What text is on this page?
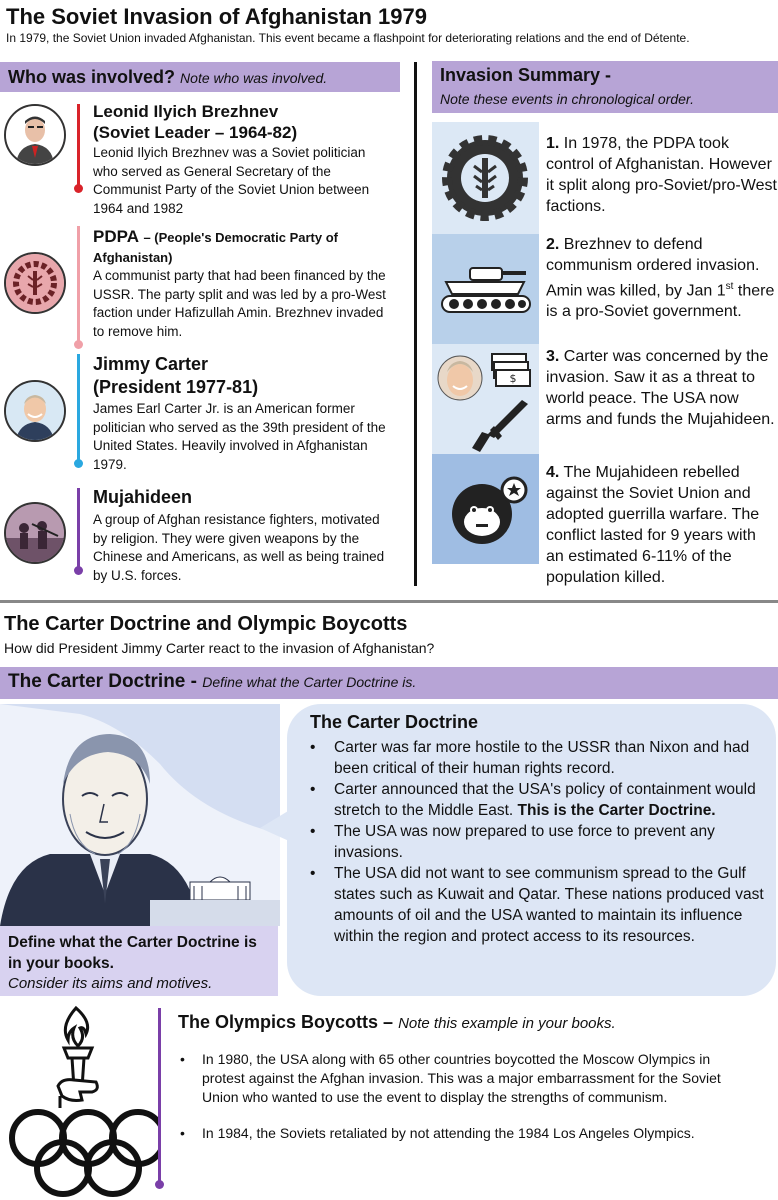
The Soviet Invasion of Afghanistan 1979
In 1979, the Soviet Union invaded Afghanistan. This event became a flashpoint for deteriorating relations and the end of Détente.
Who was involved? Note who was involved.	Invasion Summary -
Note these events in chronological order.
Leonid Ilyich Brezhnev
(Soviet Leader – 1964-82)
Leonid Ilyich Brezhnev was a Soviet politician who served as General Secretary of the Communist Party of the Soviet Union between 1964 and 1982
PDPA – (People's Democratic Party of Afghanistan)
A communist party that had been financed by the USSR. The party split and was led by a pro-West faction under Hafizullah Amin. Brezhnev invaded to remove him.
Jimmy Carter
(President 1977-81)
James Earl Carter Jr. is an American former politician who served as the 39th president of the United States. Heavily involved in Afghanistan 1979.
Mujahideen
A group of Afghan resistance fighters, motivated by religion. They were given weapons by the Chinese and Americans, as well as being trained by U.S. forces.
$
1. In 1978, the PDPA took control of Afghanistan. However it split along pro-Soviet/pro-West factions.
2. Brezhnev to defend communism ordered invasion. Amin was killed, by Jan 1st there is a pro-Soviet government.
3. Carter was concerned by the invasion. Saw it as a threat to world peace. The USA now arms and funds the Mujahideen.
4. The Mujahideen rebelled against the Soviet Union and adopted guerrilla warfare. The conflict lasted for 9 years with an estimated 6-11% of the population killed.
The Carter Doctrine and Olympic Boycotts
How did President Jimmy Carter react to the invasion of Afghanistan?
The Carter Doctrine - Define what the Carter Doctrine is.
The Carter Doctrine
• Carter was far more hostile to the USSR than Nixon and had been critical of their human rights record.
• Carter announced that the USA's policy of containment would stretch to the Middle East. This is the Carter Doctrine.
• The USA was now prepared to use force to prevent any invasions.
• The USA did not want to see communism spread to the Gulf states such as Kuwait and Qatar. These nations produced vast amounts of oil and the USA wanted to maintain its influence within the region and protect access to its resources.
Define what the Carter Doctrine is in your books.
Consider its aims and motives.
The Olympics Boycotts – Note this example in your books.
• In 1980, the USA along with 65 other countries boycotted the Moscow Olympics in protest against the Afghan invasion. This was a major embarrassment for the Soviet Union who wanted to use the event to display the strengths of communism.
• In 1984, the Soviets retaliated by not attending the 1984 Los Angeles Olympics.
